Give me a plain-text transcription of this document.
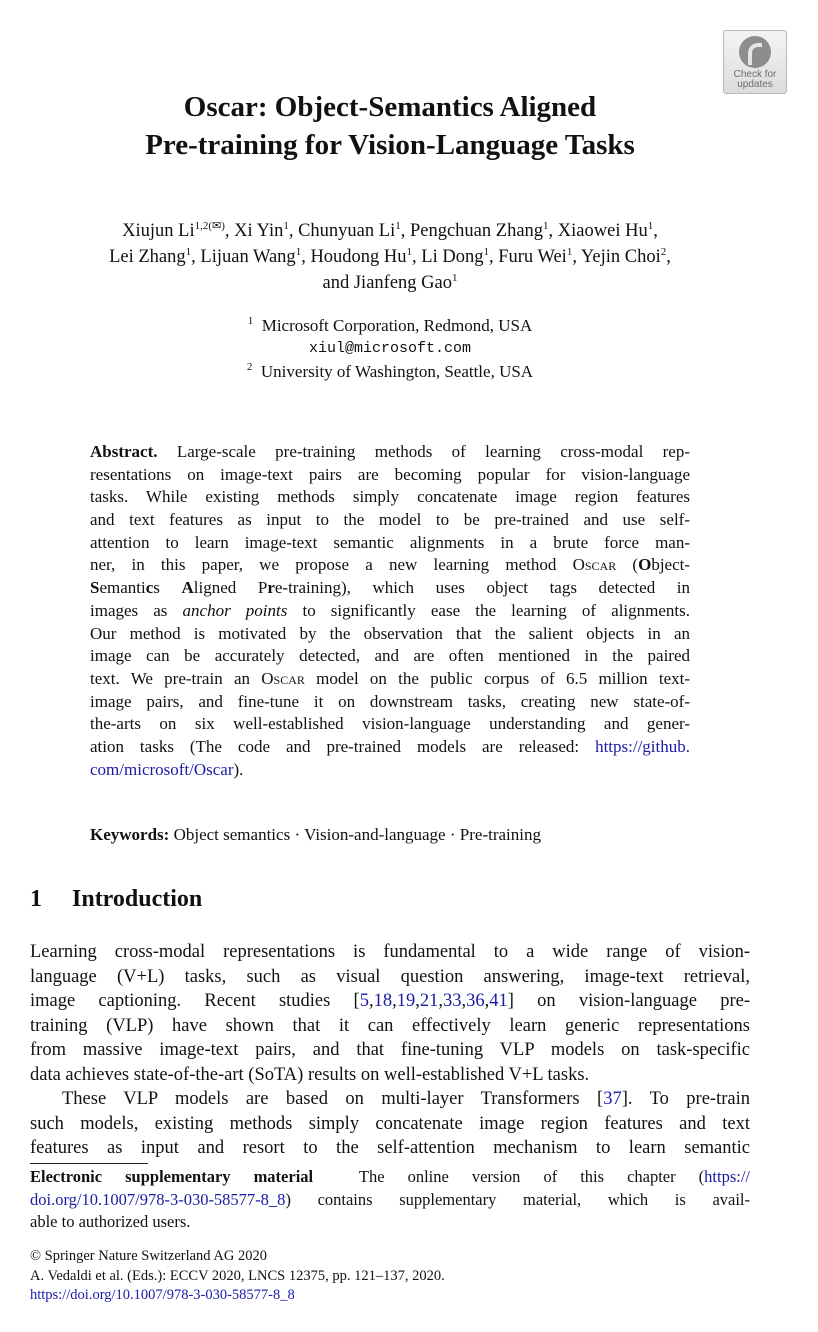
Check for
updates
Oscar: Object-Semantics Aligned
Pre-training for Vision-Language Tasks
Xiujun $Li^{1,2(✉)}$, Xi Yin$^1$, Chunyuan Li$^1$, Pengchuan Zhang$^1$, Xiaowei Hu$^1$,
Lei Zhang$^1$, Lijuan Wang$^1$, Houdong Hu$^1$, Li Dong$^1$, Furu Wei$^1$, Yejin Choi$^2$,
and Jianfeng Gao$^1$
$^1$ Microsoft Corporation, Redmond, USA
xiul@microsoft.com
$^2$ University of Washington, Seattle, USA
Abstract. Large-scale pre-training methods of learning cross-modal rep-
resentations on image-text pairs are becoming popular for vision-language
tasks. While existing methods simply concatenate image region features
and text features as input to the model to be pre-trained and use self-
attention to learn image-text semantic alignments in a brute force man-
ner, in this paper, we propose a new learning method Oscar (Object-
Semantics Aligned Pre-training), which uses object tags detected in
images as anchor points to significantly ease the learning of alignments.
Our method is motivated by the observation that the salient objects in an
image can be accurately detected, and are often mentioned in the paired
text. We pre-train an Oscar model on the public corpus of 6.5 million text-
image pairs, and fine-tune it on downstream tasks, creating new state-of-
the-arts on six well-established vision-language understanding and gener-
ation tasks (The code and pre-trained models are released: https://github.
com/microsoft/Oscar).
Keywords: Object semantics · Vision-and-language · Pre-training
1 Introduction
Learning cross-modal representations is fundamental to a wide range of vision-
language (V+L) tasks, such as visual question answering, image-text retrieval,
image captioning. Recent studies [5,18,19,21,33,36,41] on vision-language pre-
training (VLP) have shown that it can effectively learn generic representations
from massive image-text pairs, and that fine-tuning VLP models on task-specific
data achieves state-of-the-art (SoTA) results on well-established V+L tasks.
These VLP models are based on multi-layer Transformers [37]. To pre-train
such models, existing methods simply concatenate image region features and text
features as input and resort to the self-attention mechanism to learn semantic
Electronic supplementary material	The online version of this chapter (https://
doi.org/10.1007/978-3-030-58577-8_8) contains supplementary material, which is avail-
able to authorized users.
© Springer Nature Switzerland AG 2020
A. Vedaldi et al. (Eds.): ECCV 2020, LNCS 12375, pp. 121–137, 2020.
https://doi.org/10.1007/978-3-030-58577-8_8
